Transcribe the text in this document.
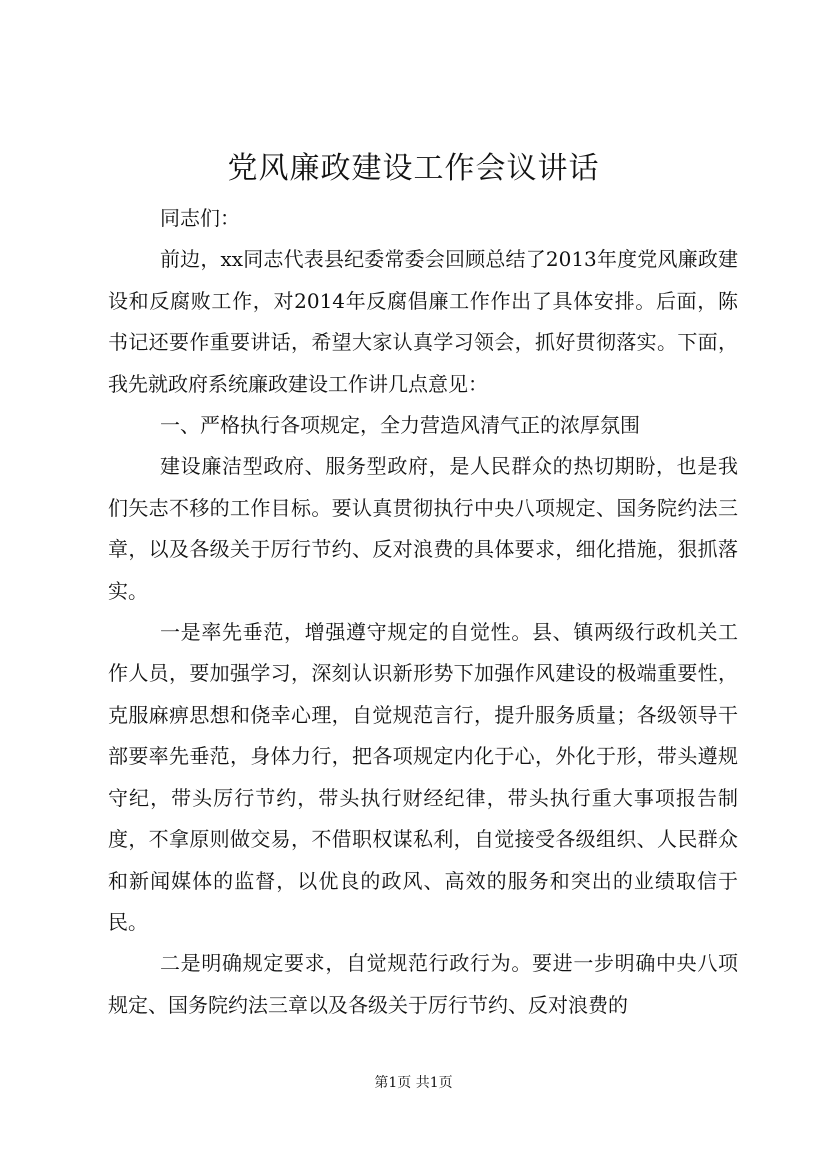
党风廉政建设工作会议讲话

同志们：

前边，xx同志代表县纪委常委会回顾总结了2013年度党风廉政建设和反腐败工作，对2014年反腐倡廉工作作出了具体安排。后面，陈书记还要作重要讲话，希望大家认真学习领会，抓好贯彻落实。下面，我先就政府系统廉政建设工作讲几点意见：

一、严格执行各项规定，全力营造风清气正的浓厚氛围

建设廉洁型政府、服务型政府，是人民群众的热切期盼，也是我们矢志不移的工作目标。要认真贯彻执行中央八项规定、国务院约法三章，以及各级关于厉行节约、反对浪费的具体要求，细化措施，狠抓落实。

一是率先垂范，增强遵守规定的自觉性。县、镇两级行政机关工作人员，要加强学习，深刻认识新形势下加强作风建设的极端重要性，克服麻痹思想和侥幸心理，自觉规范言行，提升服务质量；各级领导干部要率先垂范，身体力行，把各项规定内化于心，外化于形，带头遵规守纪，带头厉行节约，带头执行财经纪律，带头执行重大事项报告制度，不拿原则做交易，不借职权谋私利，自觉接受各级组织、人民群众和新闻媒体的监督，以优良的政风、高效的服务和突出的业绩取信于民。

二是明确规定要求，自觉规范行政行为。要进一步明确中央八项规定、国务院约法三章以及各级关于厉行节约、反对浪费的

第1页 共1页
